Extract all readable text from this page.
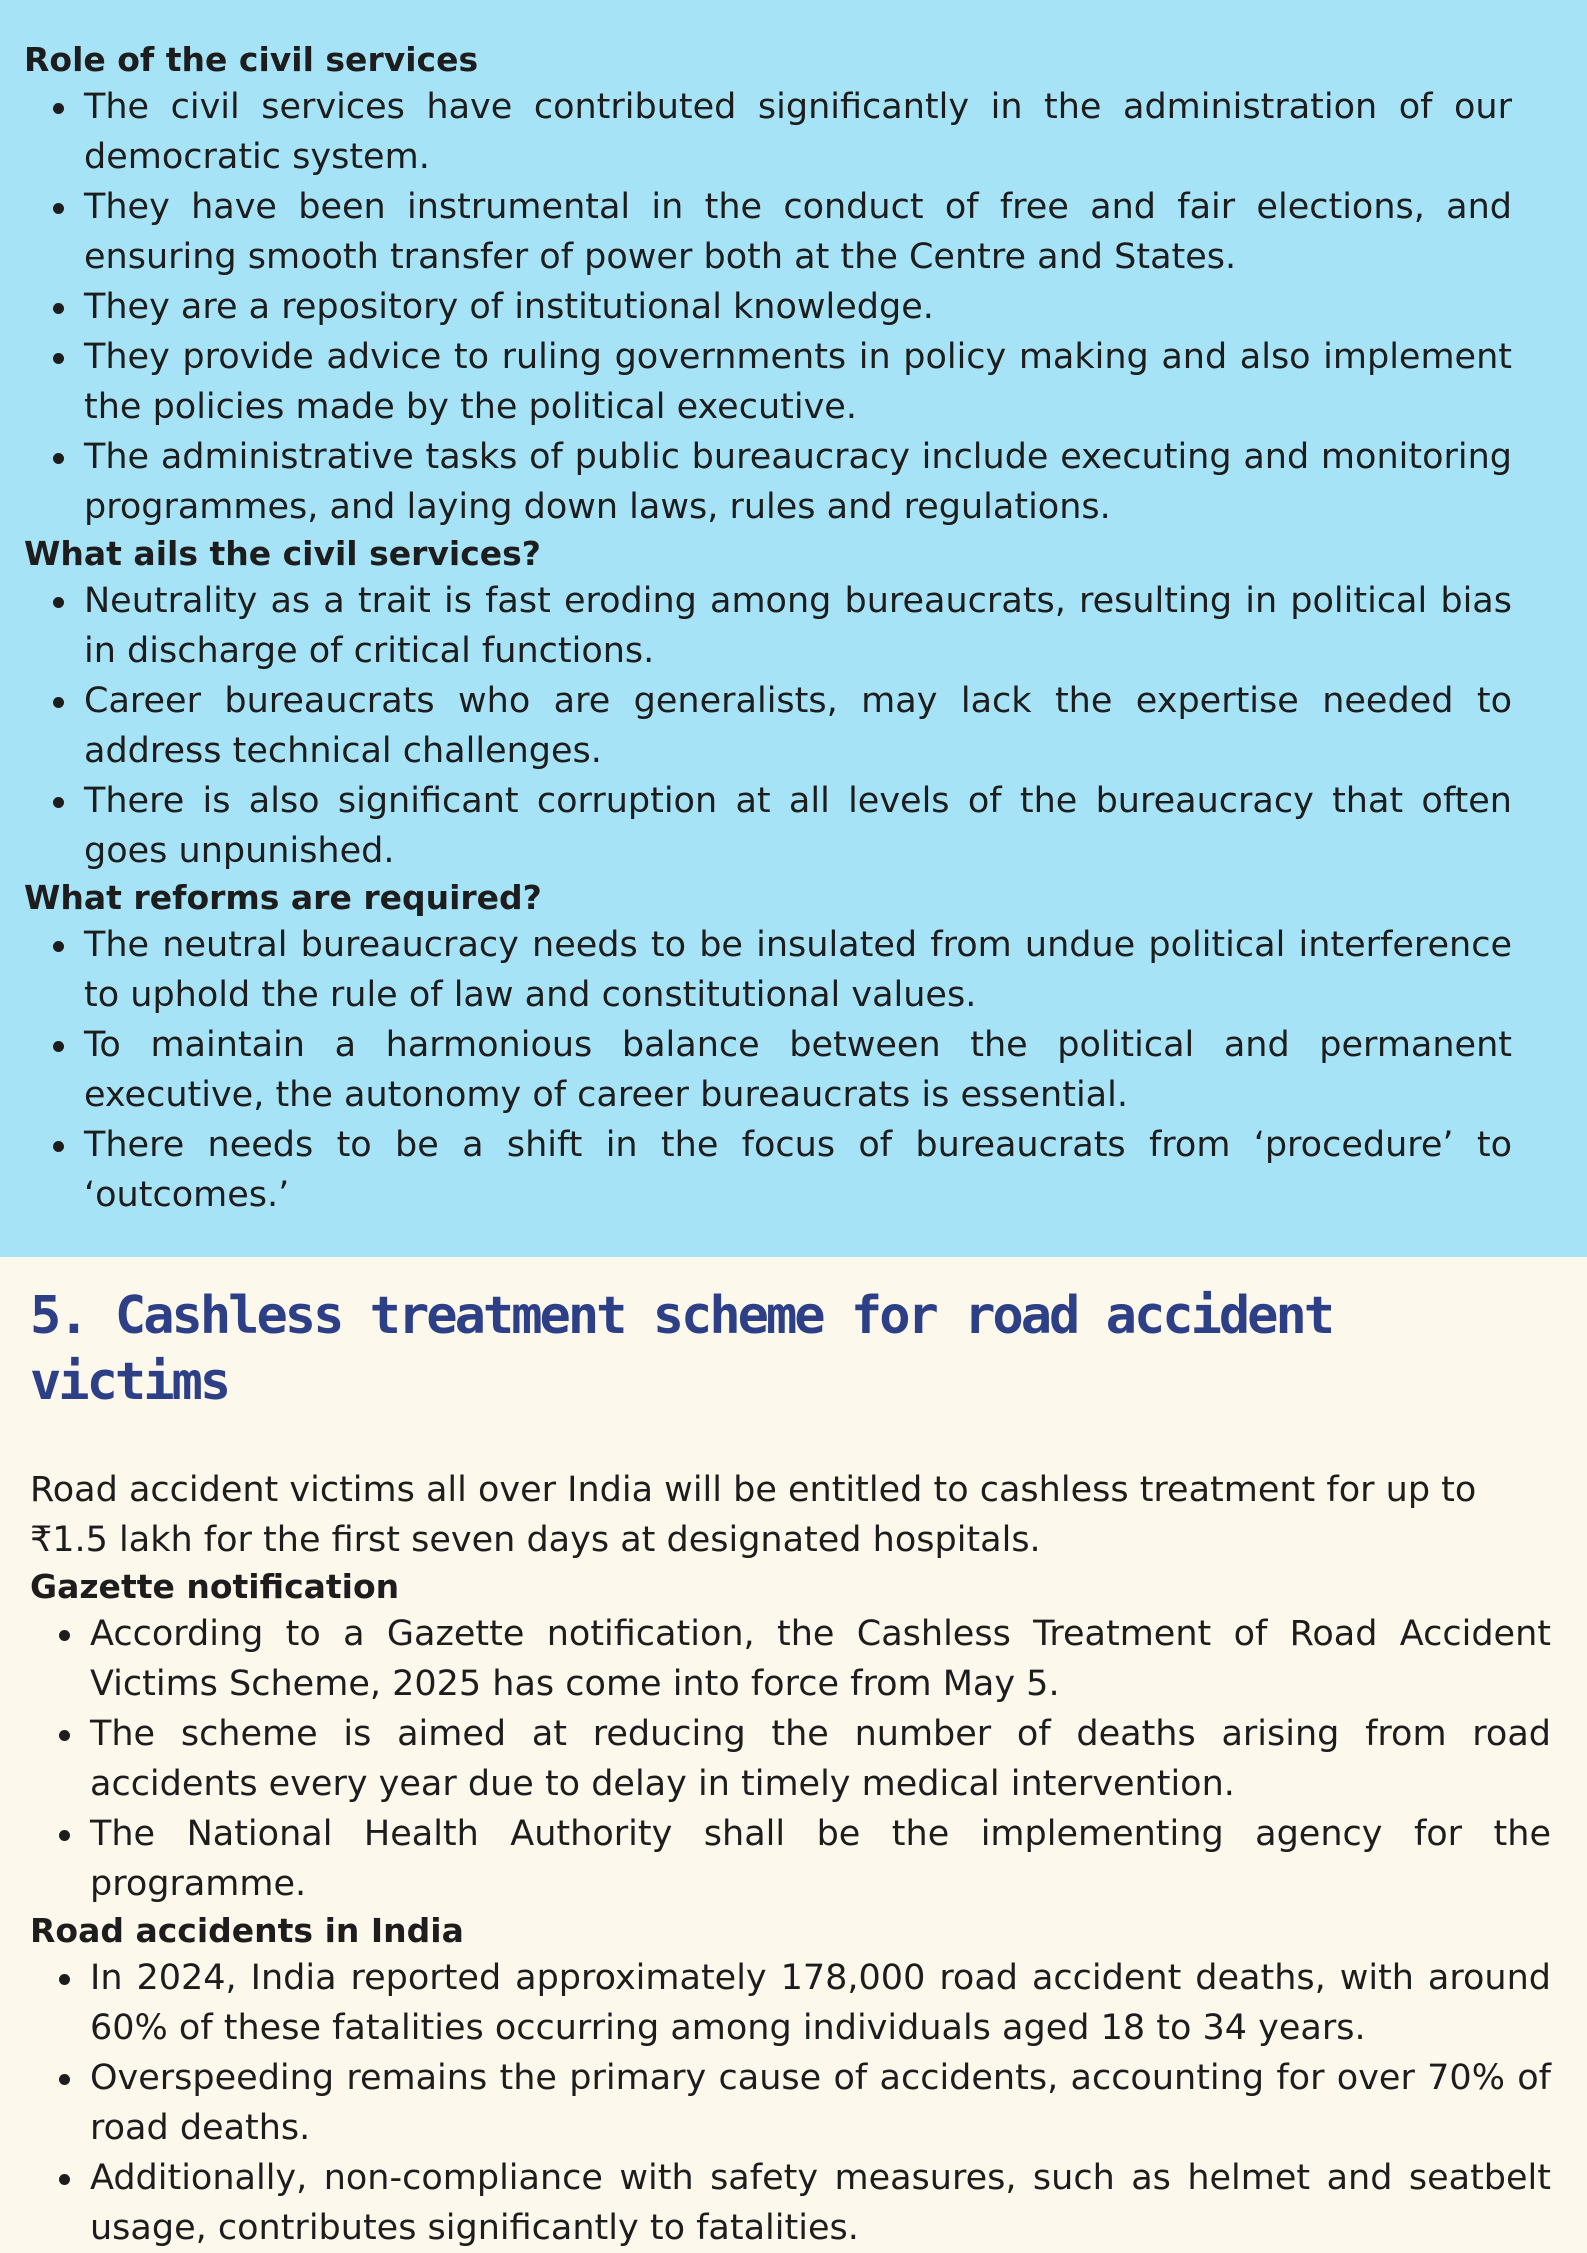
Role of the civil services
The civil services have contributed significantly in the administration of our democratic system.
They have been instrumental in the conduct of free and fair elections, and ensuring smooth transfer of power both at the Centre and States.
They are a repository of institutional knowledge.
They provide advice to ruling governments in policy making and also implement the policies made by the political executive.
The administrative tasks of public bureaucracy include executing and monitoring programmes, and laying down laws, rules and regulations.
What ails the civil services?
Neutrality as a trait is fast eroding among bureaucrats, resulting in political bias in discharge of critical functions.
Career bureaucrats who are generalists, may lack the expertise needed to address technical challenges.
There is also significant corruption at all levels of the bureaucracy that often goes unpunished.
What reforms are required?
The neutral bureaucracy needs to be insulated from undue political interference to uphold the rule of law and constitutional values.
To maintain a harmonious balance between the political and permanent executive, the autonomy of career bureaucrats is essential.
There needs to be a shift in the focus of bureaucrats from ‘procedure’ to ‘outcomes.’
5. Cashless treatment scheme for road accident victims

Road accident victims all over India will be entitled to cashless treatment for up to ₹1.5 lakh for the first seven days at designated hospitals.

Gazette notification
According to a Gazette notification, the Cashless Treatment of Road Accident Victims Scheme, 2025 has come into force from May 5.
The scheme is aimed at reducing the number of deaths arising from road accidents every year due to delay in timely medical intervention.
The National Health Authority shall be the implementing agency for the programme.
Road accidents in India
In 2024, India reported approximately 178,000 road accident deaths, with around 60% of these fatalities occurring among individuals aged 18 to 34 years.
Overspeeding remains the primary cause of accidents, accounting for over 70% of road deaths.
Additionally, non-compliance with safety measures, such as helmet and seatbelt usage, contributes significantly to fatalities.
